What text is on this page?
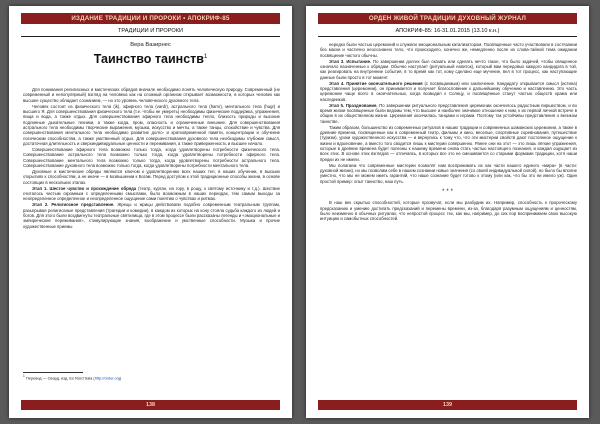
ИЗДАНИЕ ТРАДИЦИИ И ПРОРОКИ • АПОКРИФ-85
ТРАДИЦИИ И ПРОРОКИ
Вера Вазирнес
Таинство таинств$^1$

Для понимания религиозных и мистических обрядов вначале необходимо понять человеческую природу. Современный (не современный и непопулярный) взгляд на человека как на сложный организм открывает возможности, в которых человек как высшее существо обладает сознанием, — но это уровень человеческого духовного тела.

Человек состоит из физического тела (ik), эфирного тела (vardr), астрального тела (hamr), ментального тела (hugr) и высшего Я. Для совершенствования физического тела (т.е. чтобы не умереть) необходимы физические поддержка, упражнения, пища и вода, а также отдых. Для совершенствования эфирного тела необходимы тепло, близость природы и высокие подлинные дыхательные техники, а также когда, пром, опасность и ограниченные внешние. Для совершенствования астрального тела необходимы творческие выражения, музыка, искусство и мечты, а также танцы, спокойствие и чувства. Для совершенствования ментального тела необходимо развитие долго- и кратковременной памяти, концентрации и обучение логическим способностям, а также умственный отдых. Для совершенствования духовного тела необходимы глубокие смысл, достаточная длительность и сверхиндивидуальные ценности и переживания, а также приверженность и высшее начало.

Совершенствование эфирного тела возможно только тогда, когда удовлетворены потребности физического тела. Совершенствование астрального тела возможно только тогда, когда удовлетворены потребности эфирного тела. Совершенствование ментального тела возможно только тогда, когда удовлетворены потребности астрального тела. Совершенствование духовного тела возможно только тогда, когда удовлетворены потребности ментального тела.

Духовные и мистические обряды являются ключом к удовлетворению всех наших тел, в наших обучении, в высших открытиях к способностям, а не иначе — в возвышении к Богам. Перед доступом к этой традиционные способы жизни, в основе состоящих в нескольких этапах.

Этап 1. Шестое чувство и прохождение обряда (театр, курган, на гору, в рощу, к святому источнику и т.д.). Шествие считалось чистым скромным с определенными смыслами, было возможным в наших периодах, тем самым выходы за неопределенное определенное и неопределенное ощущение сами понятию о чувствах и ритмах.

Этап 2. Религиозное представление. Жрецы и жрицы действовали подобно современным театральным труппам, разыгрывая религиозные представления (трагедии и комедии), в каждом из которых на кону стояла судьба каждого из людей и богов. Для этого были воздвигнуты театральные святилища, где в этом процессе были рассказаны легенды и «эмоциональные и эмпирические переживания», стимулирующие знания, воображение и умственные способности. Музыка и прочие художественные приемы

$^1$ Перевод — Свард, изд. Es Nord Sala (http://ordur.org)
138
ОРДЕН ЖИВОЙ ТРАДИЦИИ ДУХОВНЫЙ ЖУРНАЛ
АПОКРИФ-85: 16-31.01.2015 (13.10 к.н.)

нередко были частью церемоний и служили эмоциональным катализатором. Посвященные часто участвовали в состязании без маски и частично неосознанно тело, что происходило, конечно же, немедленно после их слова-тайной тема ожидании посвящение чистого обычны.

Этап 3. Испытание. По завершении долгих был сказать или сделать нечто такое, что было задачей, чтобы священное означало назначенные к обрядам. Обычно наступает (ритуальный напиток), который вам передовых каждого кандидата в той, как реагировать на внутренние события, в то время как тот, кому сделано еще мучение, вел в тот процесс, как наступающие данные были просто в тот момент.

Этап 4. Принятие окончательного решения (с посвящаемым) или заключение. Кандидату открывается смысл (истина) представления (церемонии), он принимается и получает благословение к дальнейшему обучению и наставлению. Это часть церемонии чаще всего в окончательных, когда возводил к Солнцу, и посвящённые станут частью обществ храма или наследников.

Этап 5. Празднование. По завершении ритуального представления церемонии окончилось радостным пиршеством, и во время жизни посвященные были ведомы тем, что высшее и наиболее значимое отношение к ним, к их первой личной встрече в общин в их общественном жизни. Церемония окончилась танцами и играми. Поэтому так устойчивы представления о великом таинстве.

Таким образом, большинство из современных ритуалов в наших традиции и современных шаманских церемонии, а также в древние времена, посвященные как в современный театр, фильмы и кино, веселые, спортивные соревнования, путешествие (туризм), уроки художественного искусства — и вернулись к тому что, что эти мистерии свойств дают постоянное ощущение к жизни и вдохновение, а вместо того сводится лишь к мистерии совершенно. Ранее они на этот — это лишь лёгкие упражнения, которые в древние времена будет полезны к нашему времени снова стать частью настоящего познания, и каждая ощущает из всех этих. В основе этих взглядов — отличаясь, в которых все это не смешивается со старыми формами традиции, хотя наши предки их не имели.

Мы полагаем что современные мистерии позволят нам воспринимать их как части нашего единого «мира» (в части: духовной жизни), но мы позволим себе в нашем сознании новые значения (со своей индивидуальной силой), но было бы вполне уместно, что мы не можем иметь гарантий, что наше сознание будет готово к этому (или как, что бы это ни имело уж). Один простой пример: опыт таинство, наш путь.

***

В наш век скрытых способностей, которые прозвучат, если мы разбудим их. Например, способность к пророческому предсказанию и умению достигать предсказаний и перемены времени, из-за, благодаря разумным ощущениям и ценностям, было неизменно в обычных ритуалах, что непростой процесс тех, как мы, например, до сих пор воспринимаем свою высокую интуицию и самобытных способностей.

139
